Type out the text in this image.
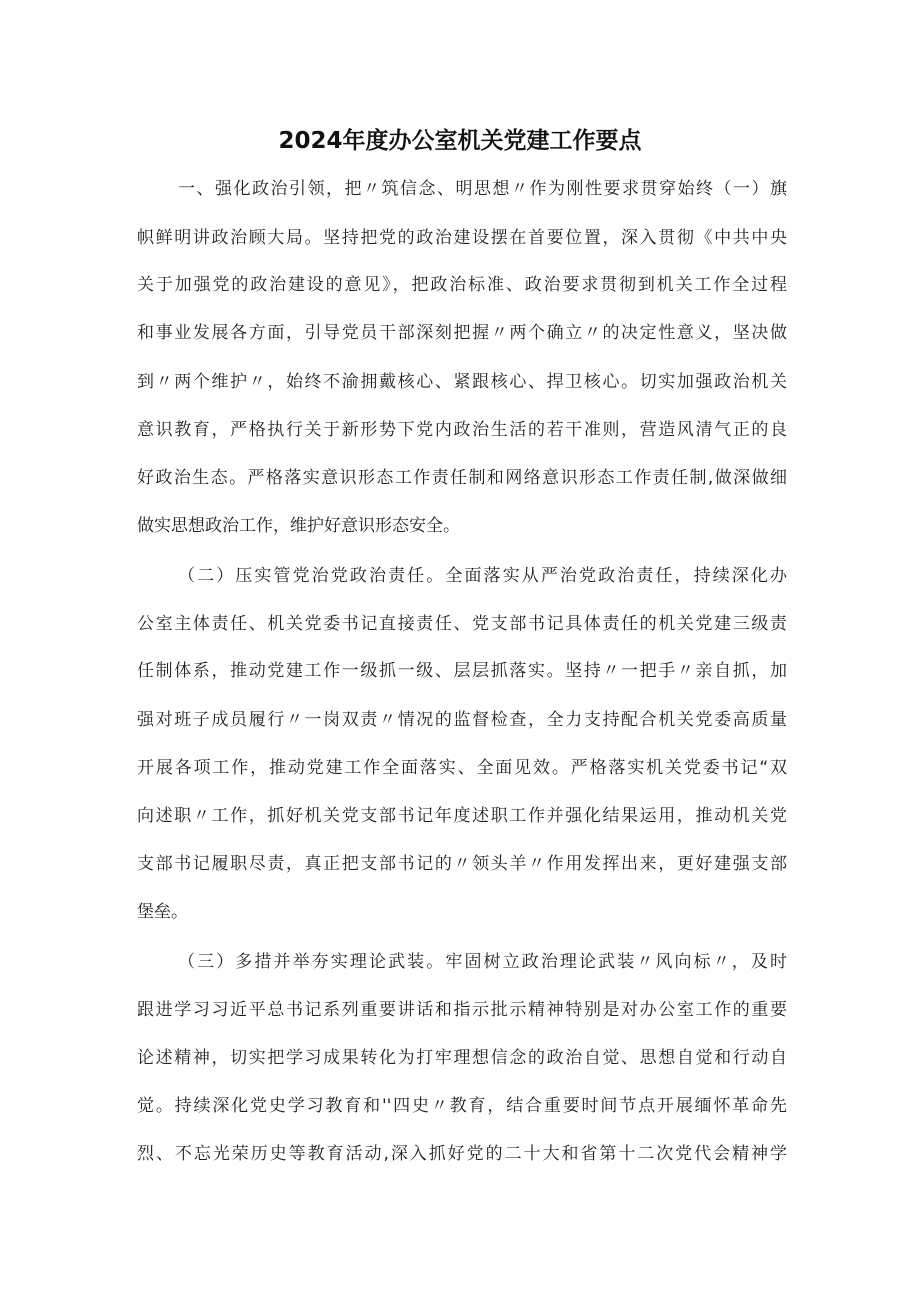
2024年度办公室机关党建工作要点
一、强化政治引领，把〃筑信念、明思想〃作为刚性要求贯穿始终（一）旗
帜鲜明讲政治顾大局。坚持把党的政治建设摆在首要位置，深入贯彻《中共中央
关于加强党的政治建设的意见》，把政治标准、政治要求贯彻到机关工作全过程
和事业发展各方面，引导党员干部深刻把握〃两个确立〃的决定性意义，坚决做
到〃两个维护〃，始终不渝拥戴核心、紧跟核心、捍卫核心。切实加强政治机关
意识教育，严格执行关于新形势下党内政治生活的若干准则，营造风清气正的良
好政治生态。严格落实意识形态工作责任制和网络意识形态工作责任制,做深做细
做实思想政治工作，维护好意识形态安全。
（二）压实管党治党政治责任。全面落实从严治党政治责任，持续深化办
公室主体责任、机关党委书记直接责任、党支部书记具体责任的机关党建三级责
任制体系，推动党建工作一级抓一级、层层抓落实。坚持〃一把手〃亲自抓，加
强对班子成员履行〃一岗双责〃情况的监督检查，全力支持配合机关党委高质量
开展各项工作，推动党建工作全面落实、全面见效。严格落实机关党委书记“双
向述职〃工作，抓好机关党支部书记年度述职工作并强化结果运用，推动机关党
支部书记履职尽责，真正把支部书记的〃领头羊〃作用发挥出来，更好建强支部
堡垒。
（三）多措并举夯实理论武装。牢固树立政治理论武装〃风向标〃，及时
跟进学习习近平总书记系列重要讲话和指示批示精神特别是对办公室工作的重要
论述精神，切实把学习成果转化为打牢理想信念的政治自觉、思想自觉和行动自
觉。持续深化党史学习教育和''四史〃教育，结合重要时间节点开展缅怀革命先
烈、不忘光荣历史等教育活动,深入抓好党的二十大和省第十二次党代会精神学
